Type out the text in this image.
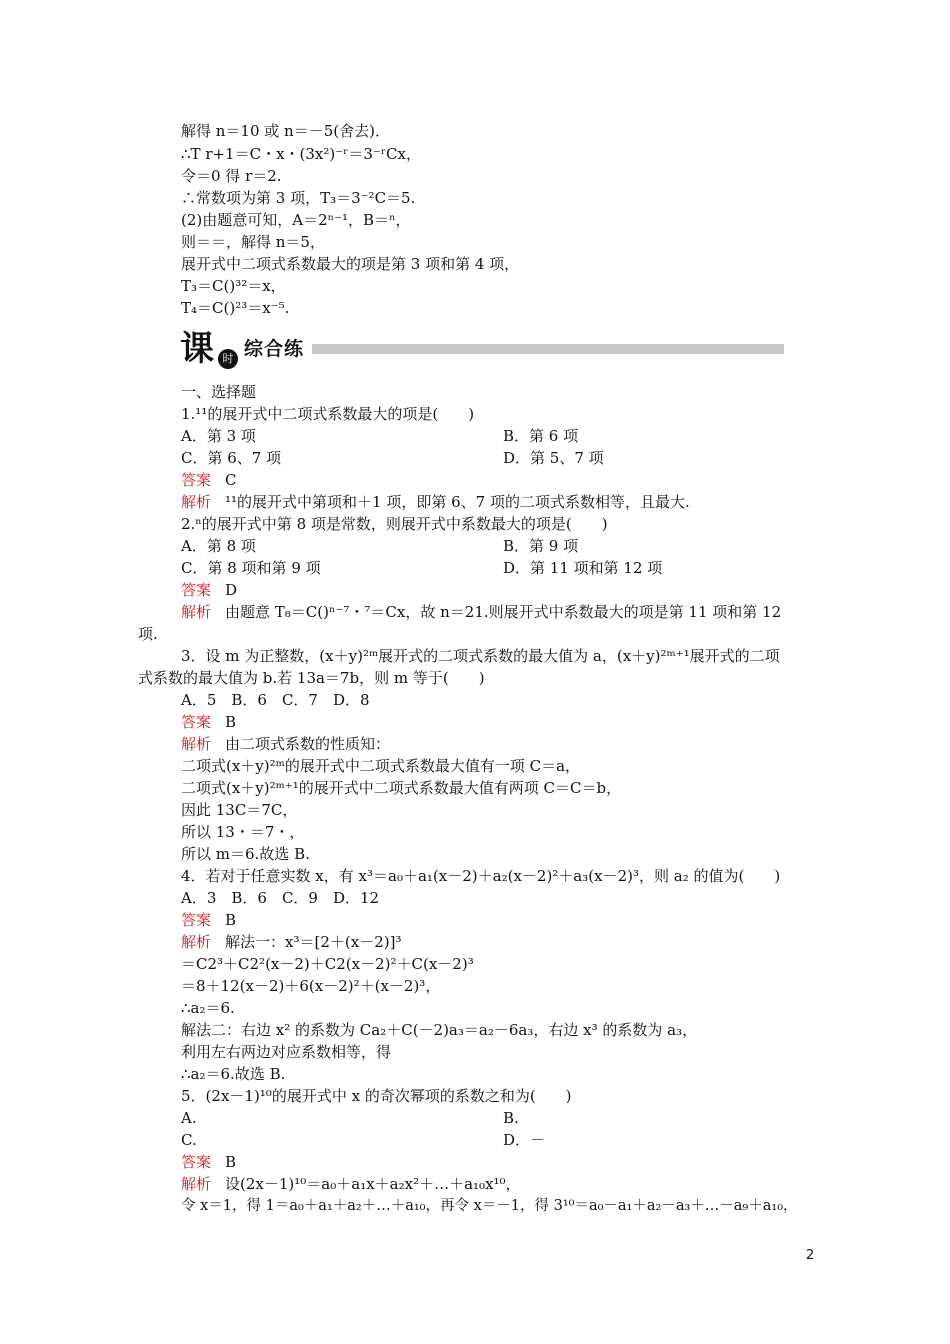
解得 n＝10 或 n＝－5(舍去)．
∴T r+1＝C・x・(3x²)⁻ʳ＝3⁻ʳCx，
令＝0 得 r＝2.
∴常数项为第 3 项，T₃＝3⁻²C＝5.
(2)由题意可知，A＝2ⁿ⁻¹，B＝ⁿ，
则＝＝，解得 n＝5，
展开式中二项式系数最大的项是第 3 项和第 4 项，
T₃＝C()³²＝x，
T₄＝C()²³＝x⁻⁵.
课 时 综合练
一、选择题
1.¹¹的展开式中二项式系数最大的项是(　　)
A．第 3 项	B．第 6 项
C．第 6、7 项	D．第 5、7 项
答案 C
解析 ¹¹的展开式中第项和＋1 项，即第 6、7 项的二项式系数相等，且最大.
2.ⁿ的展开式中第 8 项是常数，则展开式中系数最大的项是(　　)
A．第 8 项	B．第 9 项
C．第 8 项和第 9 项	D．第 11 项和第 12 项
答案 D
解析 由题意 T₈＝C()ⁿ⁻⁷・⁷＝Cx，故 n＝21.则展开式中系数最大的项是第 11 项和第 12
项.
3．设 m 为正整数，(x＋y)²ᵐ展开式的二项式系数的最大值为 a，(x＋y)²ᵐ⁺¹展开式的二项
式系数的最大值为 b.若 13a＝7b，则 m 等于(　　)
A．5　B．6　C．7　D．8
答案 B
解析 由二项式系数的性质知：
二项式(x＋y)²ᵐ的展开式中二项式系数最大值有一项 C＝a，
二项式(x＋y)²ᵐ⁺¹的展开式中二项式系数最大值有两项 C＝C＝b，
因此 13C＝7C，
所以 13・＝7・，
所以 m＝6.故选 B.
4．若对于任意实数 x，有 x³＝a₀＋a₁(x－2)＋a₂(x－2)²＋a₃(x－2)³，则 a₂ 的值为(　　)
A．3　B．6　C．9　D．12
答案 B
解析 解法一：x³＝[2＋(x－2)]³
＝C2³＋C2²(x－2)＋C2(x－2)²＋C(x－2)³
＝8＋12(x－2)＋6(x－2)²＋(x－2)³，
∴a₂＝6.
解法二：右边 x² 的系数为 Ca₂＋C(－2)a₃＝a₂－6a₃，右边 x³ 的系数为 a₃，
利用左右两边对应系数相等，得
∴a₂＝6.故选 B.
5．(2x－1)¹⁰的展开式中 x 的奇次幂项的系数之和为(　　)
A.	B.
C.	D．－
答案 B
解析 设(2x－1)¹⁰＝a₀＋a₁x＋a₂x²＋…＋a₁₀x¹⁰，
令 x＝1，得 1＝a₀＋a₁＋a₂＋…＋a₁₀，再令 x＝－1，得 3¹⁰＝a₀－a₁＋a₂－a₃＋…－a₉＋a₁₀，
2
